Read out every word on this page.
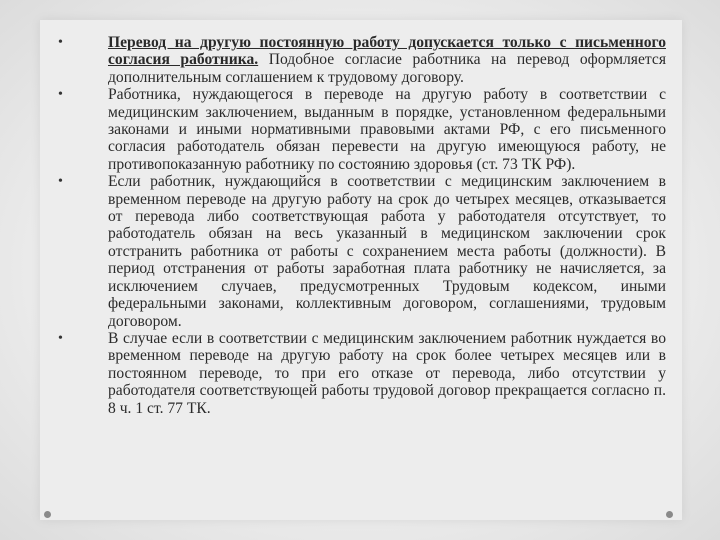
•	Перевод на другую постоянную работу допускается только с письменного согласия работника. Подобное согласие работника на перевод оформляется дополнительным соглашением к трудовому договору.
•	Работника, нуждающегося в переводе на другую работу в соответствии с медицинским заключением, выданным в порядке, установленном федеральными законами и иными нормативными правовыми актами РФ, с его письменного согласия работодатель обязан перевести на другую имеющуюся работу, не противопоказанную работнику по состоянию здоровья (ст. 73 ТК РФ).
•	Если работник, нуждающийся в соответствии с медицинским заключением в временном переводе на другую работу на срок до четырех месяцев, отказывается от перевода либо соответствующая работа у работодателя отсутствует, то работодатель обязан на весь указанный в медицинском заключении срок отстранить работника от работы с сохранением места работы (должности). В период отстранения от работы заработная плата работнику не начисляется, за исключением случаев, предусмотренных Трудовым кодексом, иными федеральными законами, коллективным договором, соглашениями, трудовым договором.
•	В случае если в соответствии с медицинским заключением работник нуждается во временном переводе на другую работу на срок более четырех месяцев или в постоянном переводе, то при его отказе от перевода, либо отсутствии у работодателя соответствующей работы трудовой договор прекращается согласно п. 8 ч. 1 ст. 77 ТК.
